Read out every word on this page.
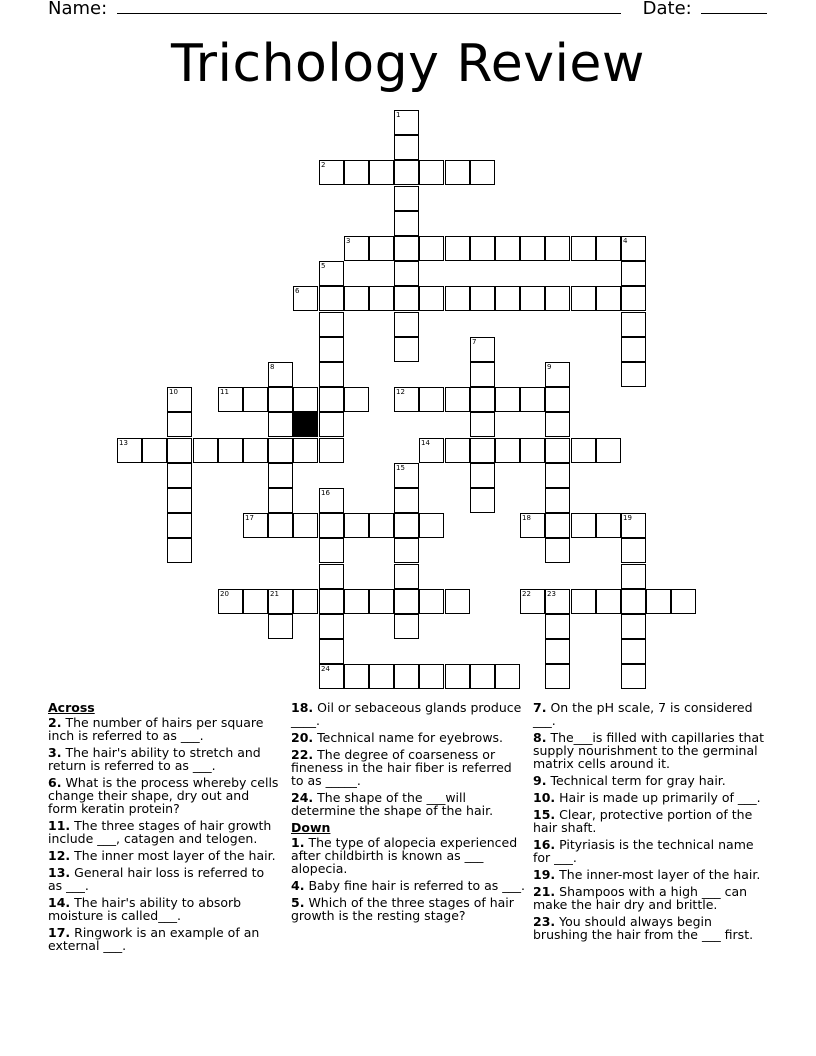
Name:	Date:
Trichology Review
1
2
3	4
5
6
7
8	9
10	11	12
13	14
15
16
24
17	18	19
20	21	22 23
Across
2. The number of hairs per square inch is referred to as ___.
3. The hair's ability to stretch and return is referred to as ___.
6. What is the process whereby cells change their shape, dry out and form keratin protein?
11. The three stages of hair growth include ___, catagen and telogen.
12. The inner most layer of the hair.
13. General hair loss is referred to as ___.
14. The hair's ability to absorb moisture is called___.
17. Ringwork is an example of an external ___.
18. Oil or sebaceous glands produce ____.
20. Technical name for eyebrows.
22. The degree of coarseness or fineness in the hair fiber is referred to as _____.
24. The shape of the ___will determine the shape of the hair.
Down
1. The type of alopecia experienced after childbirth is known as ___ alopecia.
4. Baby fine hair is referred to as ___.
5. Which of the three stages of hair growth is the resting stage?
7. On the pH scale, 7 is considered ___.
8. The___is filled with capillaries that supply nourishment to the germinal matrix cells around it.
9. Technical term for gray hair.
10. Hair is made up primarily of ___.
15. Clear, protective portion of the hair shaft.
16. Pityriasis is the technical name for ___.
19. The inner-most layer of the hair.
21. Shampoos with a high ___ can make the hair dry and brittle.
23. You should always begin brushing the hair from the ___ first.
